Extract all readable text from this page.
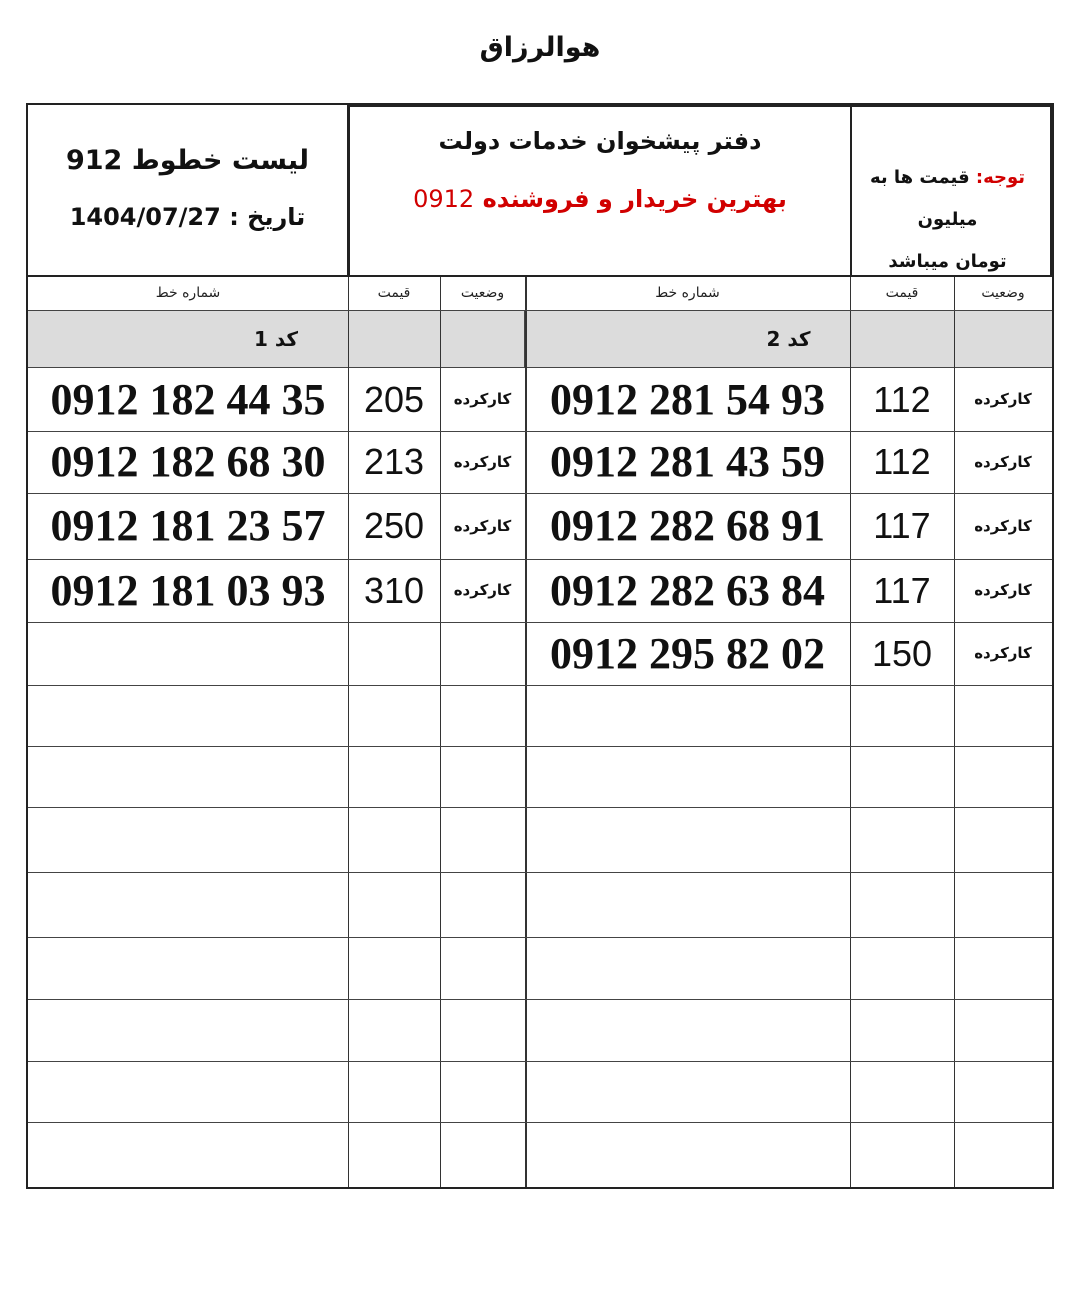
هوالرزاق
توجه: قیمت ها به میلیون
تومان میباشد
دفتر پیشخوان خدمات دولت
بهترین خریدار و فروشنده 0912
لیست خطوط 912
تاریخ : 1404/07/27
وضعیت
قیمت
شماره خط
وضعیت
قیمت
شماره خط
کد 2
کد 1
کارکرده
112
0912 281 54 93
کارکرده
112
0912 281 43 59
کارکرده
117
0912 282 68 91
کارکرده
117
0912 282 63 84
کارکرده
150
0912 295 82 02
کارکرده
205
0912 182 44 35
کارکرده
213
0912 182 68 30
کارکرده
250
0912 181 23 57
کارکرده
310
0912 181 03 93
